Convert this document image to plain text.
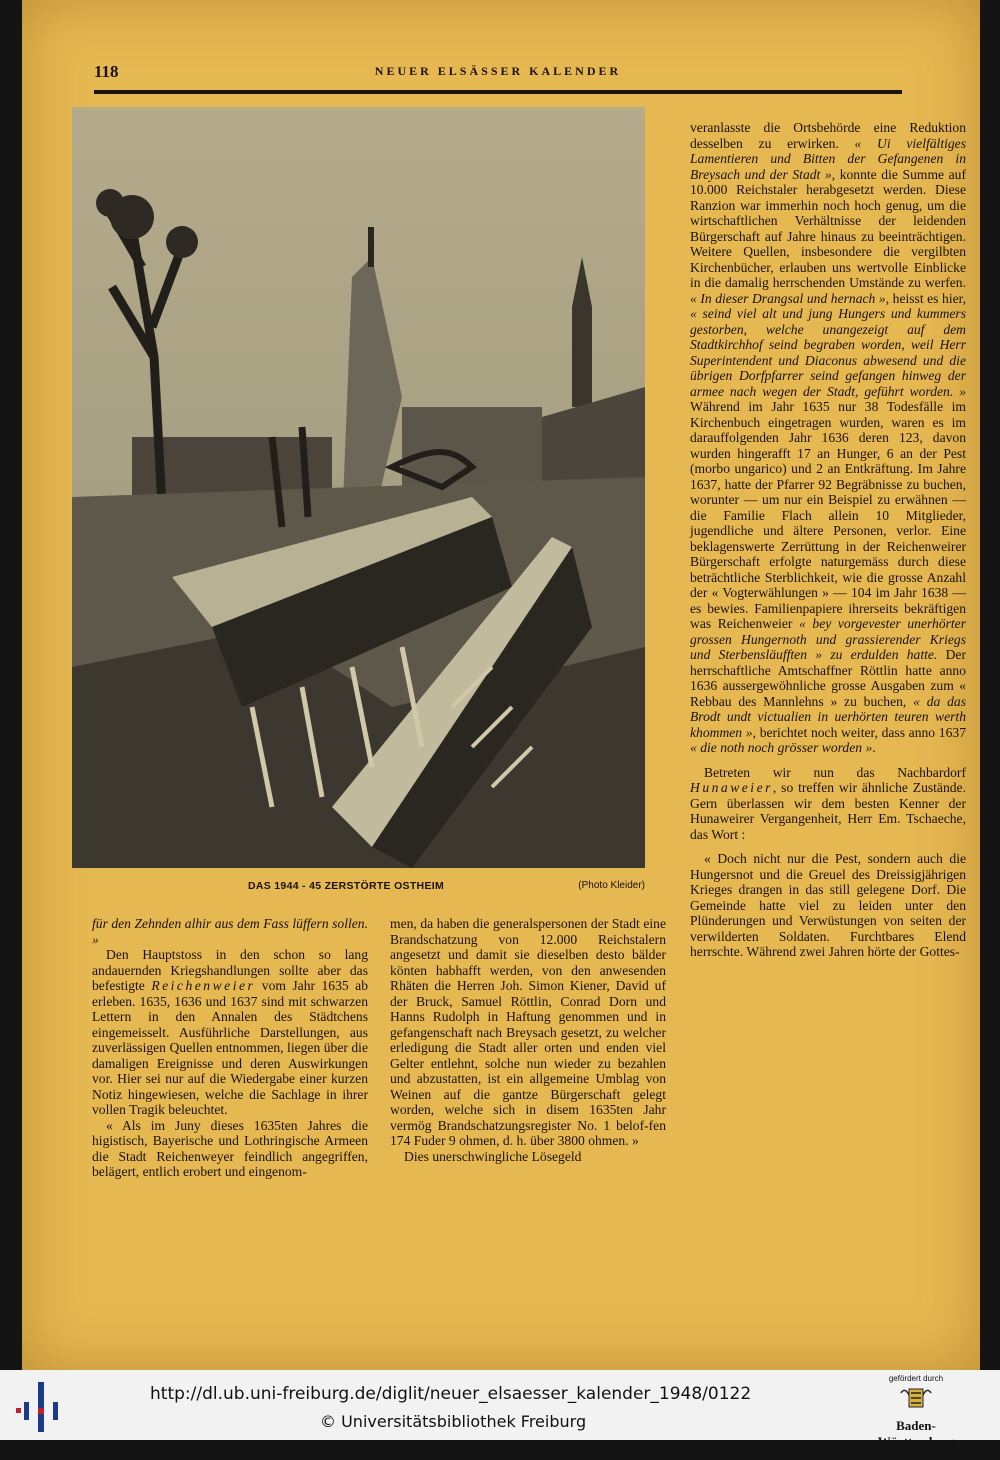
118	NEUER ELSÄSSER KALENDER
DAS 1944 - 45 ZERSTÖRTE OSTHEIM	(Photo Kleider)

veranlasste die Ortsbehörde eine Reduktion desselben zu erwirken. « Ui vielfältiges Lamentieren und Bitten der Gefangenen in Breysach und der Stadt », konnte die Summe auf 10.000 Reichstaler herabgesetzt werden. Diese Ranzion war immerhin noch hoch genug, um die wirtschaftlichen Verhältnisse der leidenden Bürgerschaft auf Jahre hinaus zu beeinträchtigen. Weitere Quellen, insbesondere die vergilbten Kirchenbücher, erlauben uns wertvolle Einblicke in die damalig herrschenden Umstände zu werfen. « In dieser Drangsal und hernach », heisst es hier, « seind viel alt und jung Hungers und kummers gestorben, welche unangezeigt auf dem Stadtkirchhof seind begraben worden, weil Herr Superintendent und Diaconus abwesend und die übrigen Dorfpfarrer seind gefangen hinweg der armee nach wegen der Stadt, geführt worden. » Während im Jahr 1635 nur 38 Todesfälle im Kirchenbuch eingetragen wurden, waren es im darauffolgenden Jahr 1636 deren 123, davon wurden hingerafft 17 an Hunger, 6 an der Pest (morbo ungarico) und 2 an Entkräftung. Im Jahre 1637, hatte der Pfarrer 92 Begräbnisse zu buchen, worunter — um nur ein Beispiel zu erwähnen — die Familie Flach allein 10 Mitglieder, jugendliche und ältere Personen, verlor. Eine beklagenswerte Zerrüttung in der Reichenweirer Bürgerschaft erfolgte naturgemäss durch diese beträchtliche Sterblichkeit, wie die grosse Anzahl der « Vogterwählungen » — 104 im Jahr 1638 — es bewies. Familienpapiere ihrerseits bekräftigen was Reichenweier « bey vorgevester unerhörter grossen Hungernoth und grassierender Kriegs und Sterbensläufften » zu erdulden hatte. Der herrschaftliche Amtschaffner Röttlin hatte anno 1636 aussergewöhnliche grosse Ausgaben zum « Rebbau des Mannlehns » zu buchen, « da das Brodt undt victualien in uerhörten teuren werth khommen », berichtet noch weiter, dass anno 1637 « die noth noch grösser worden ».

Betreten wir nun das Nachbardorf Hunaweier, so treffen wir ähnliche Zustände. Gern überlassen wir dem besten Kenner der Hunaweirer Vergangenheit, Herr Em. Tschaeche, das Wort :

« Doch nicht nur die Pest, sondern auch die Hungersnot und die Greuel des Dreissigjährigen Krieges drangen in das still gelegene Dorf. Die Gemeinde hatte viel zu leiden unter den Plünderungen und Verwüstungen von seiten der verwilderten Soldaten. Furchtbares Elend herrschte. Während zwei Jahren hörte der Gottes-

für den Zehnden alhir aus dem Fass lüffern sollen. »

Den Hauptstoss in den schon so lang andauernden Kriegshandlungen sollte aber das befestigte Reichenweier vom Jahr 1635 ab erleben. 1635, 1636 und 1637 sind mit schwarzen Lettern in den Annalen des Städtchens eingemeisselt. Ausführliche Darstellungen, aus zuverlässigen Quellen entnommen, liegen über die damaligen Ereignisse und deren Auswirkungen vor. Hier sei nur auf die Wiedergabe einer kurzen Notiz hingewiesen, welche die Sachlage in ihrer vollen Tragik beleuchtet.

« Als im Juny dieses 1635ten Jahres die higistisch, Bayerische und Lothringische Armeen die Stadt Reichenweyer feindlich angegriffen, belägert, entlich erobert und eingenom-

men, da haben die generalspersonen der Stadt eine Brandschatzung von 12.000 Reichstalern angesetzt und damit sie dieselben desto bälder könten habhafft werden, von den anwesenden Rhäten die Herren Joh. Simon Kiener, David uf der Bruck, Samuel Röttlin, Conrad Dorn und Hanns Rudolph in Haftung genommen und in gefangenschaft nach Breysach gesetzt, zu welcher erledigung die Stadt aller orten und enden viel Gelter entlehnt, solche nun wieder zu bezahlen und abzustatten, ist ein allgemeine Umblag von Weinen auf die gantze Bürgerschaft gelegt worden, welche sich in disem 1635ten Jahr vermög Brandschatzungsregister No. 1 belof-fen 174 Fuder 9 ohmen, d. h. über 3800 ohmen. »

Dies unerschwingliche Lösegeld

http://dl.ub.uni-freiburg.de/diglit/neuer_elsaesser_kalender_1948/0122
© Universitätsbibliothek Freiburg
gefördert durch
Baden-Württemberg
MINISTERIUM FÜR WISSENSCHAFT, FORSCHUNG UND KUNST
